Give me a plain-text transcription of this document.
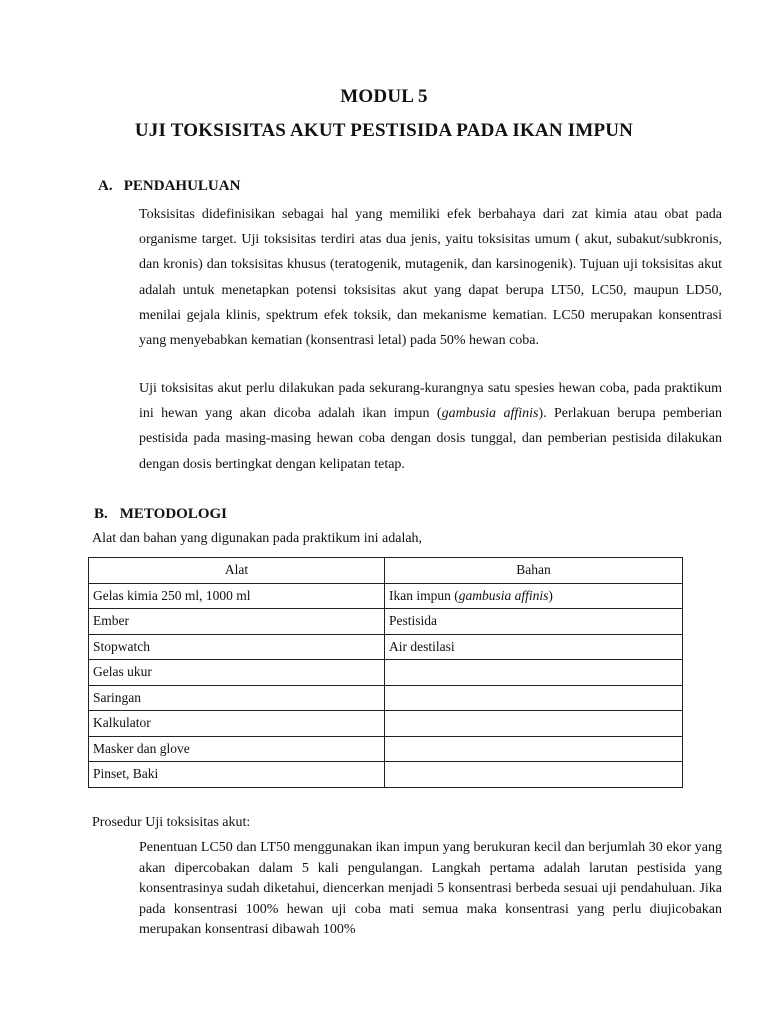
MODUL 5
UJI TOKSISITAS AKUT PESTISIDA PADA IKAN IMPUN
A. PENDAHULUAN

Toksisitas didefinisikan sebagai hal yang memiliki efek berbahaya dari zat kimia atau obat pada organisme target. Uji toksisitas terdiri atas dua jenis, yaitu toksisitas umum ( akut, subakut/subkronis, dan kronis) dan toksisitas khusus (teratogenik, mutagenik, dan karsinogenik). Tujuan uji toksisitas akut adalah untuk menetapkan potensi toksisitas akut yang dapat berupa LT50, LC50, maupun LD50, menilai gejala klinis, spektrum efek toksik, dan mekanisme kematian. LC50 merupakan konsentrasi yang menyebabkan kematian (konsentrasi letal) pada 50% hewan coba.

Uji toksisitas akut perlu dilakukan pada sekurang-kurangnya satu spesies hewan coba, pada praktikum ini hewan yang akan dicoba adalah ikan impun (gambusia affinis). Perlakuan berupa pemberian pestisida pada masing-masing hewan coba dengan dosis tunggal, dan pemberian pestisida dilakukan dengan dosis bertingkat dengan kelipatan tetap.

B. METODOLOGI
Alat dan bahan yang digunakan pada praktikum ini adalah,
Alat	Bahan
Gelas kimia 250 ml, 1000 ml	Ikan impun (gambusia affinis)
Ember	Pestisida
Stopwatch	Air destilasi
Gelas ukur	
Saringan	
Kalkulator	
Masker dan glove	
Pinset, Baki	
Prosedur Uji toksisitas akut:

Penentuan LC50 dan LT50 menggunakan ikan impun yang berukuran kecil dan berjumlah 30 ekor yang akan dipercobakan dalam 5 kali pengulangan. Langkah pertama adalah larutan pestisida yang konsentrasinya sudah diketahui, diencerkan menjadi 5 konsentrasi berbeda sesuai uji pendahuluan. Jika pada konsentrasi 100% hewan uji coba mati semua maka konsentrasi yang perlu diujicobakan merupakan konsentrasi dibawah 100%
